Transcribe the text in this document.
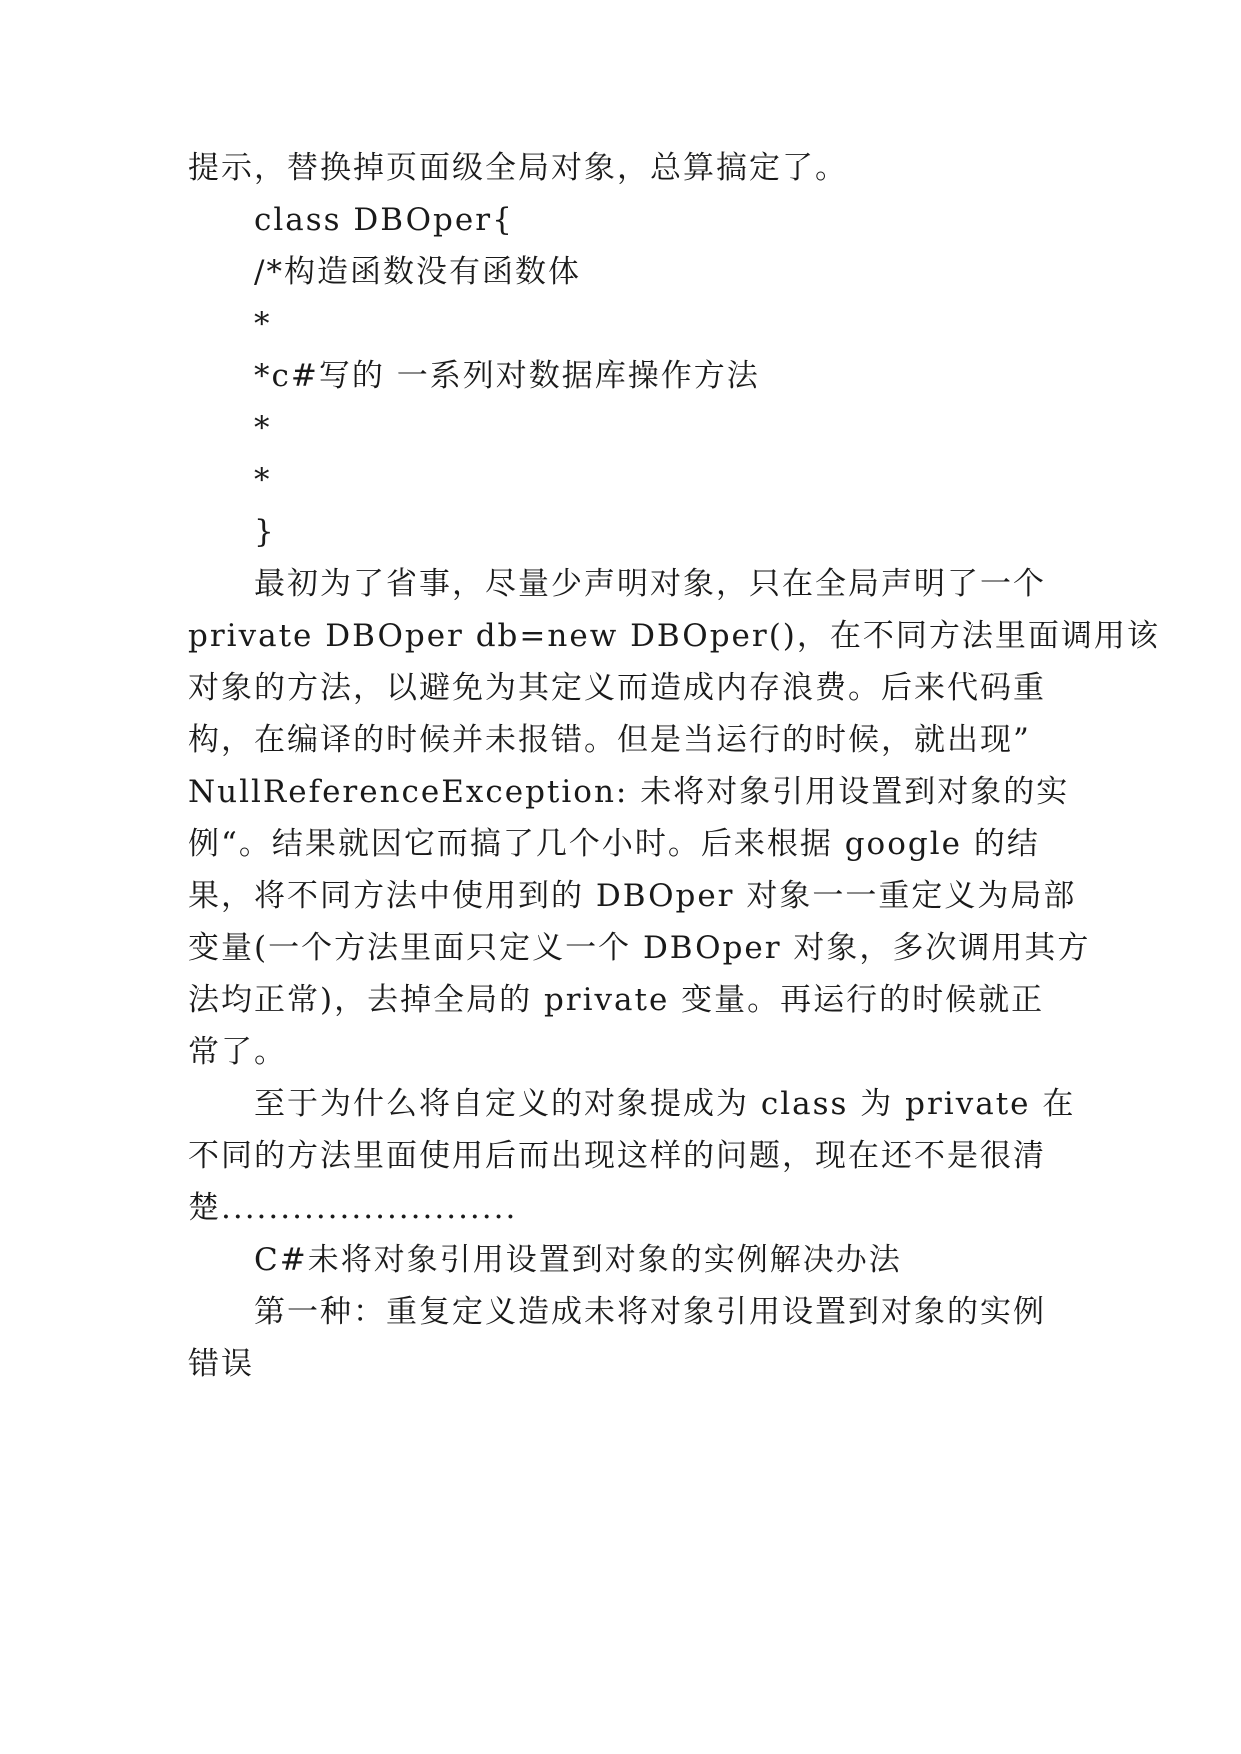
提示，替换掉页面级全局对象，总算搞定了。
class DBOper{
/*构造函数没有函数体
*
*c#写的 一系列对数据库操作方法
*
*
}
最初为了省事，尽量少声明对象，只在全局声明了一个
private DBOper db=new DBOper()，在不同方法里面调用该
对象的方法，以避免为其定义而造成内存浪费。后来代码重
构，在编译的时候并未报错。但是当运行的时候，就出现”
NullReferenceException: 未将对象引用设置到对象的实
例“。结果就因它而搞了几个小时。后来根据 google 的结
果，将不同方法中使用到的 DBOper 对象一一重定义为局部
变量(一个方法里面只定义一个 DBOper 对象，多次调用其方
法均正常)，去掉全局的 private 变量。再运行的时候就正
常了。
至于为什么将自定义的对象提成为 class 为 private 在
不同的方法里面使用后而出现这样的问题，现在还不是很清
楚.........................
C#未将对象引用设置到对象的实例解决办法
第一种：重复定义造成未将对象引用设置到对象的实例
错误
